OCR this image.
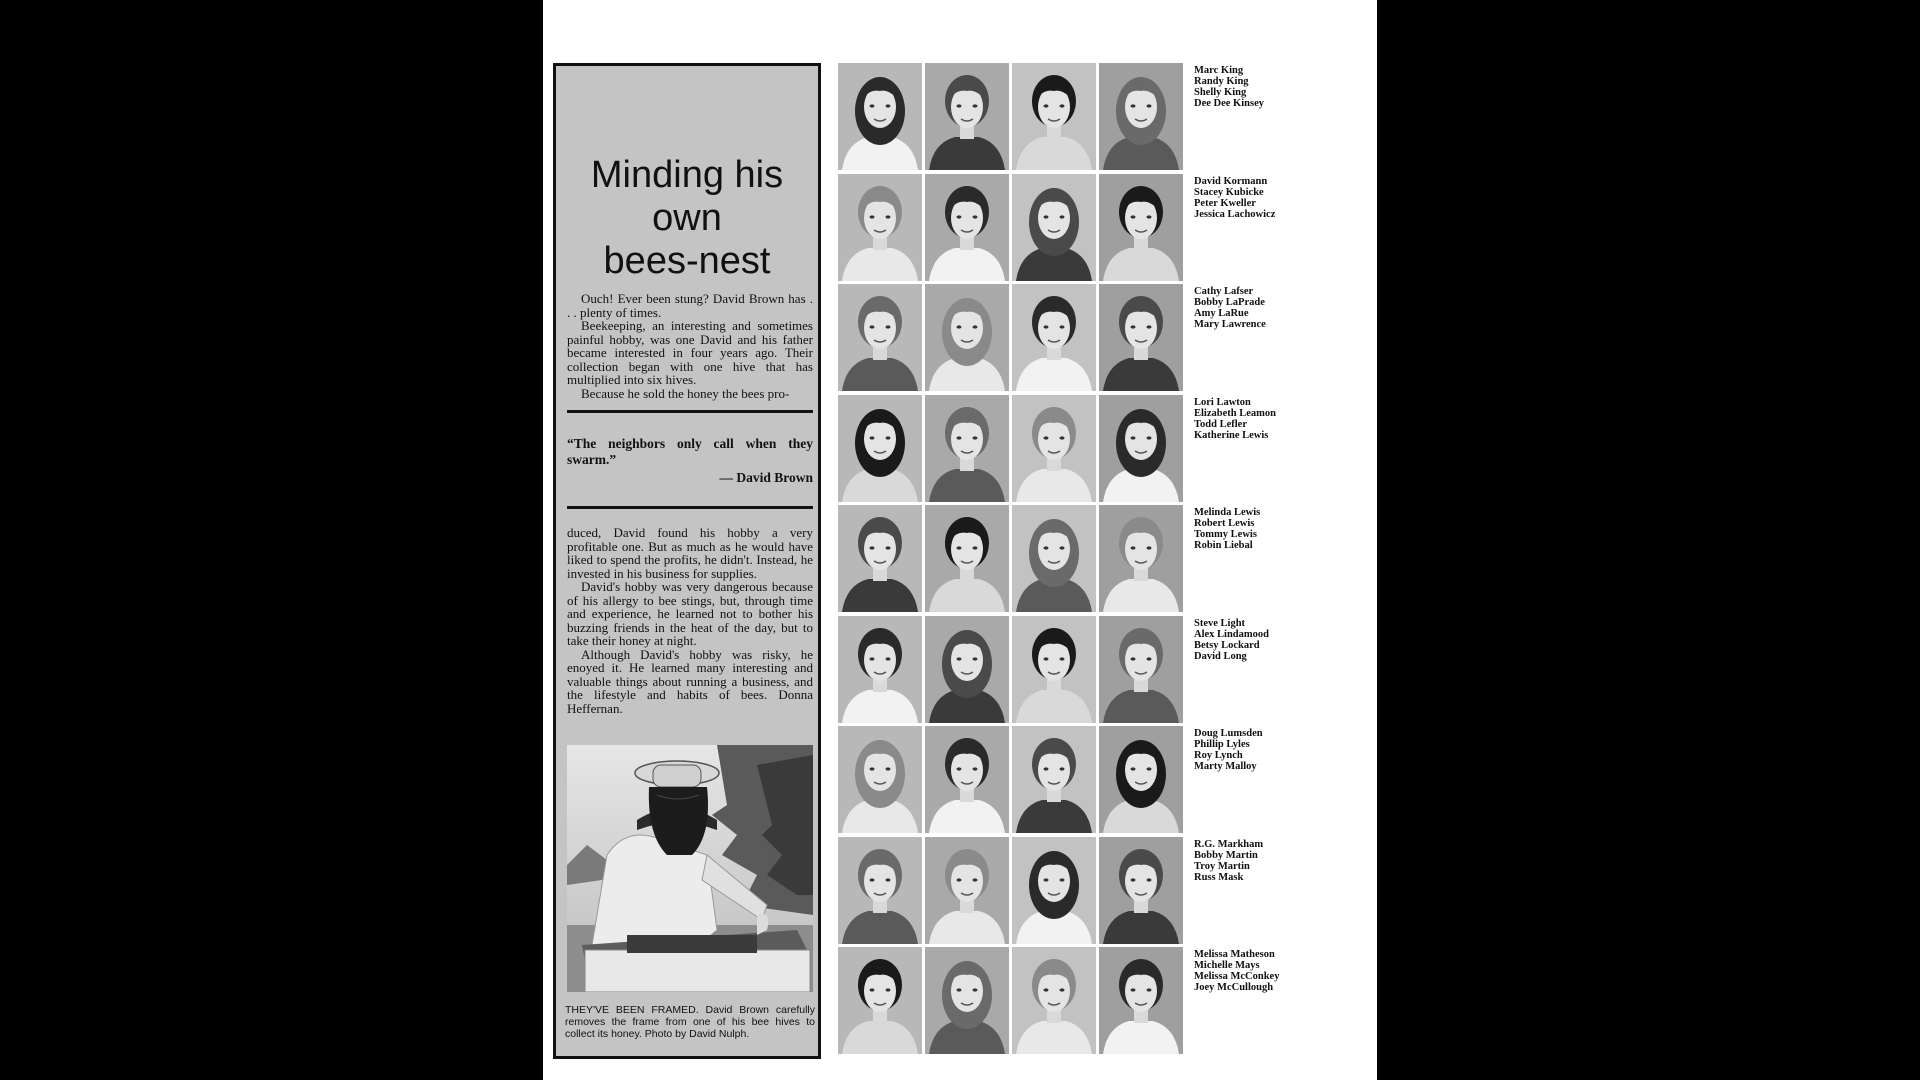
Minding his
own
bees-nest

Ouch! Ever been stung? David Brown has . . . plenty of times.

Beekeeping, an interesting and sometimes painful hobby, was one David and his father became interested in four years ago. Their collection began with one hive that has multiplied into six hives.

Because he sold the honey the bees pro-

“The neighbors only call when they swarm.”
— David Brown

duced, David found his hobby a very profitable one. But as much as he would have liked to spend the profits, he didn't. Instead, he invested in his business for supplies.

David's hobby was very dangerous because of his allergy to bee stings, but, through time and experience, he learned not to bother his buzzing friends in the heat of the day, but to take their honey at night.

Although David's hobby was risky, he enoyed it. He learned many interesting and valuable things about running a business, and the lifestyle and habits of bees. Donna Heffernan.

THEY'VE BEEN FRAMED. David Brown carefully removes the frame from one of his bee hives to collect its honey. Photo by David Nulph.
Marc King
Randy King
Shelly King
Dee Dee Kinsey
David Kormann
Stacey Kubicke
Peter Kweller
Jessica Lachowicz
Cathy Lafser
Bobby LaPrade
Amy LaRue
Mary Lawrence
Lori Lawton
Elizabeth Leamon
Todd Lefler
Katherine Lewis
Melinda Lewis
Robert Lewis
Tommy Lewis
Robin Liebal
Steve Light
Alex Lindamood
Betsy Lockard
David Long
Doug Lumsden
Phillip Lyles
Roy Lynch
Marty Malloy
R.G. Markham
Bobby Martin
Troy Martin
Russ Mask
Melissa Matheson
Michelle Mays
Melissa McConkey
Joey McCullough
